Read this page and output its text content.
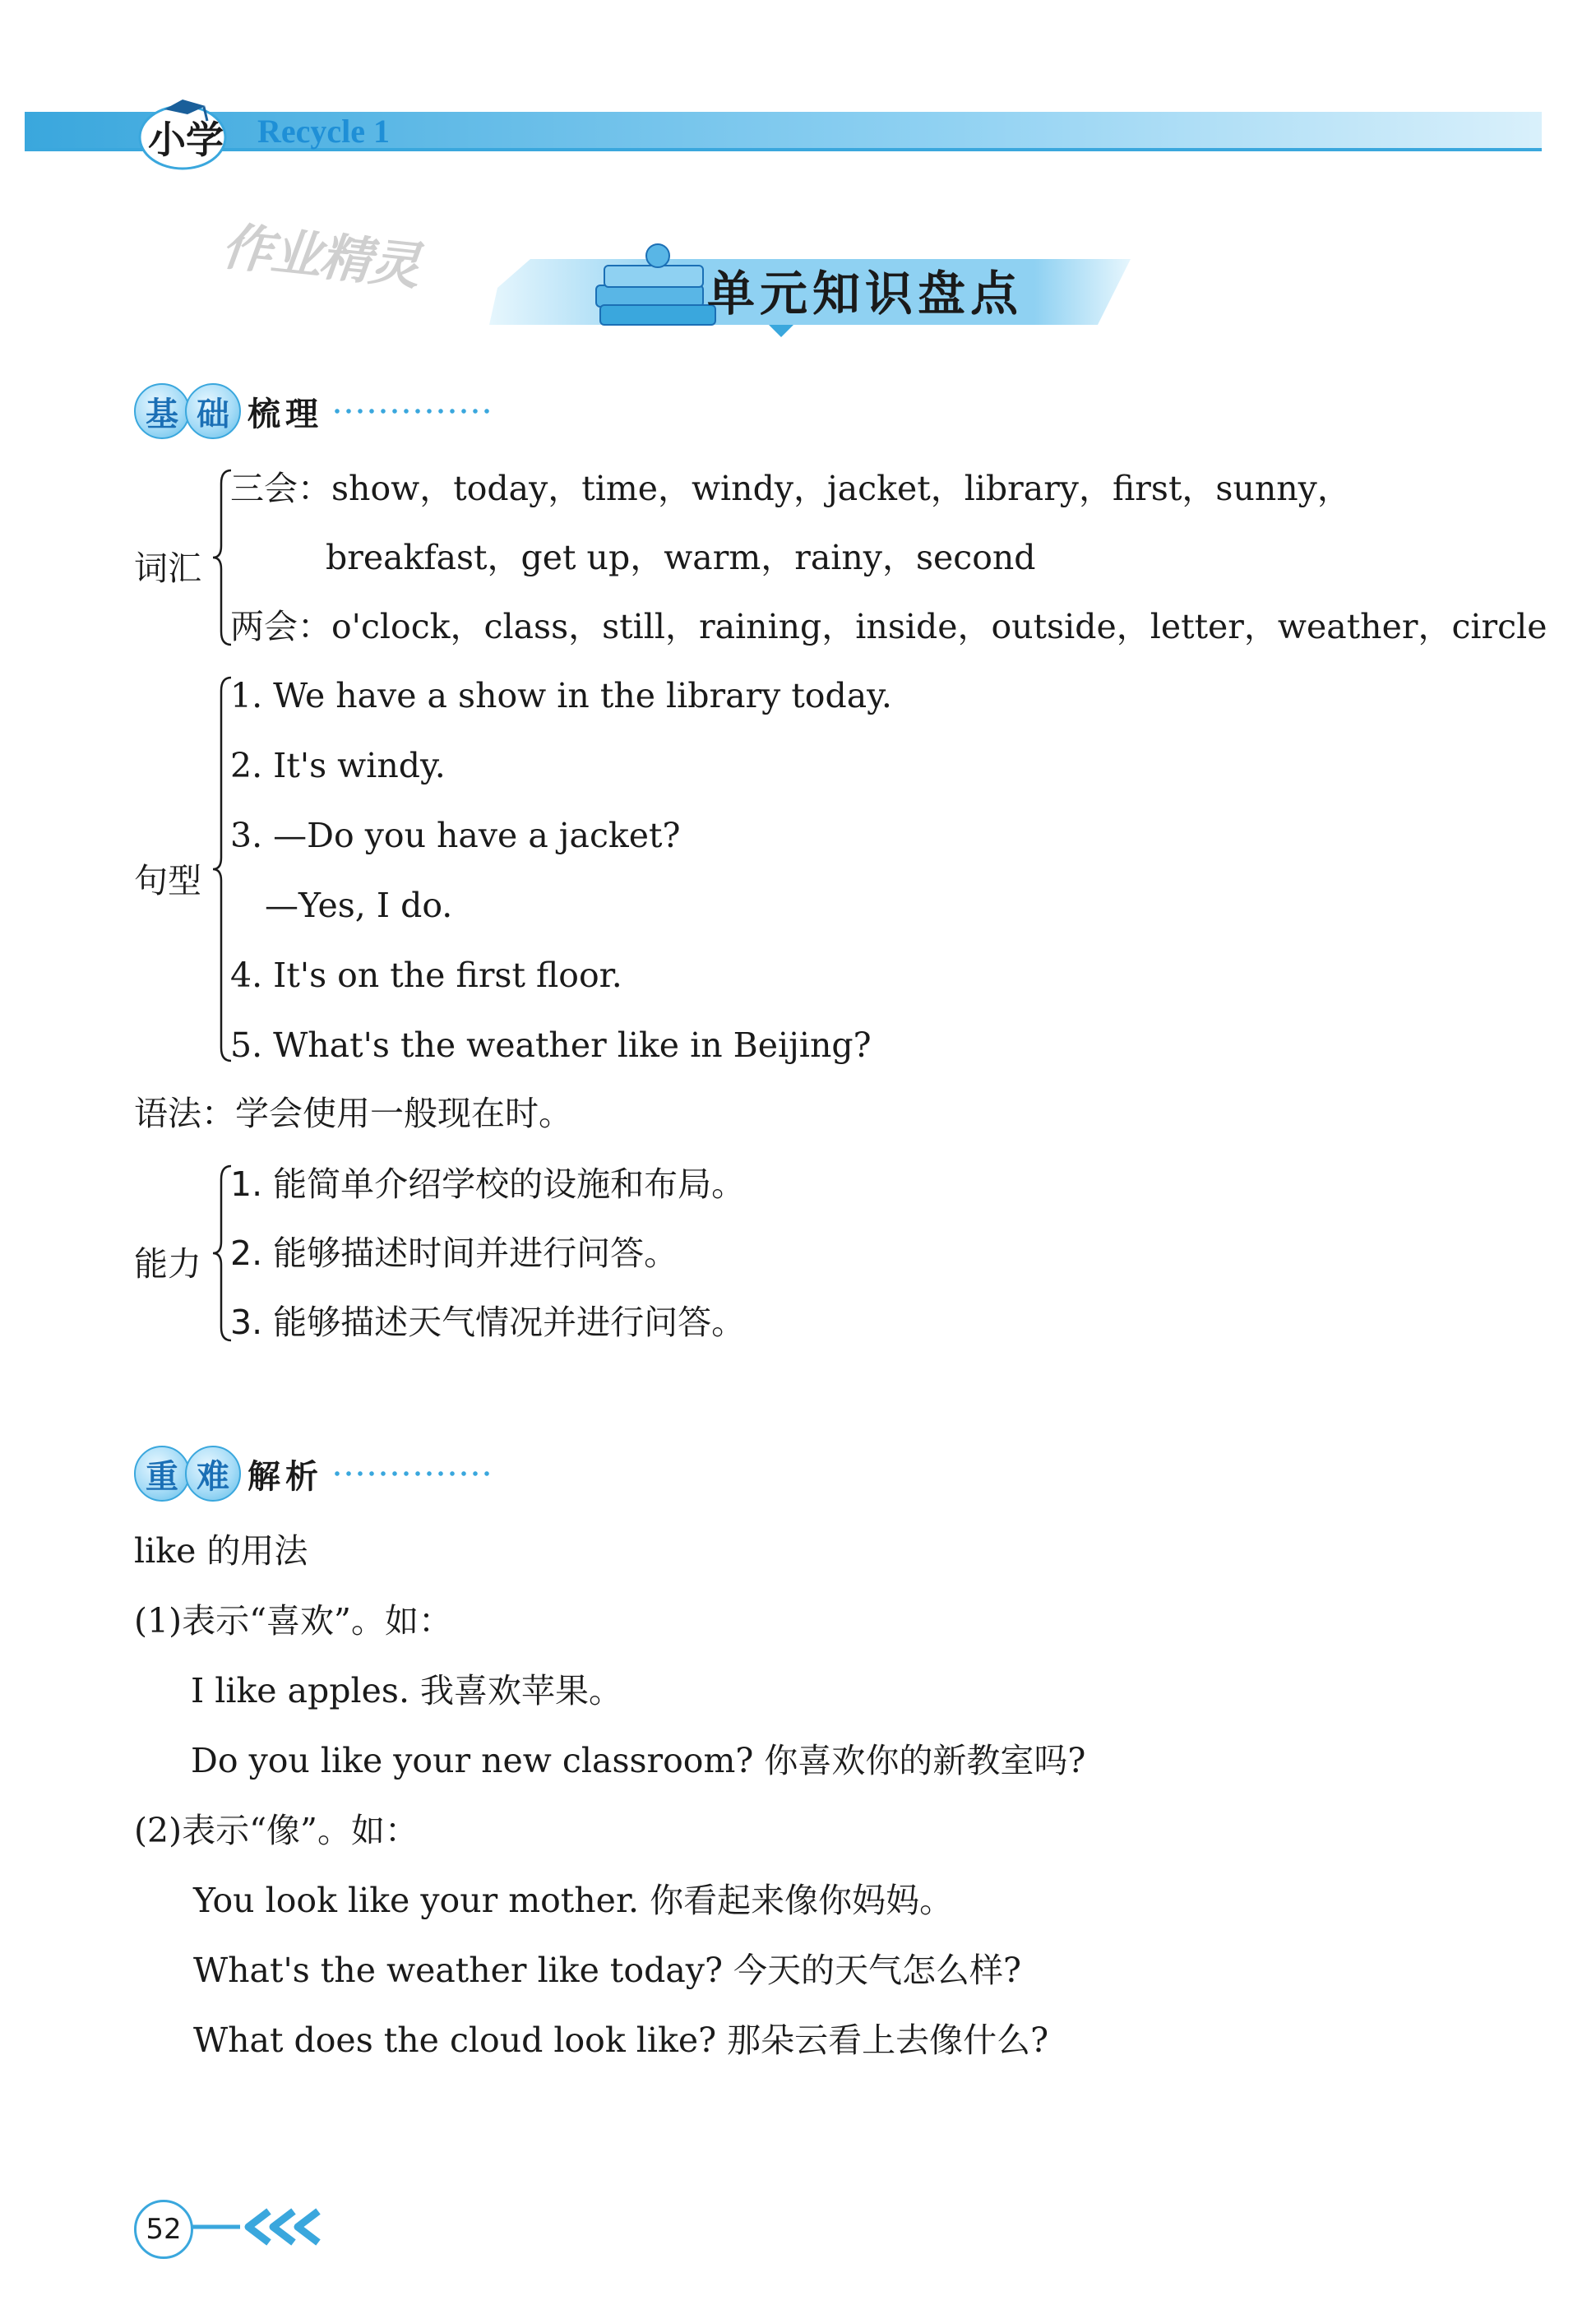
小学 Recycle 1
作业精灵	单元知识盘点
基 础 梳理
词汇
三会：show，today，time，windy，jacket，library，first，sunny，
breakfast，get up，warm，rainy，second
两会：o'clock，class，still，raining，inside，outside，letter，weather，circle
句型
1. We have a show in the library today.
2. It's windy.
3. —Do you have a jacket?
—Yes, I do.
4. It's on the first floor.
5. What's the weather like in Beijing?
语法：学会使用一般现在时。
能力
1. 能简单介绍学校的设施和布局。
2. 能够描述时间并进行问答。
3. 能够描述天气情况并进行问答。
重 难 解析
like 的用法
(1)表示“喜欢”。如：
I like apples. 我喜欢苹果。
Do you like your new classroom? 你喜欢你的新教室吗?
(2)表示“像”。如：
You look like your mother. 你看起来像你妈妈。
What's the weather like today? 今天的天气怎么样?
What does the cloud look like? 那朵云看上去像什么?
52
